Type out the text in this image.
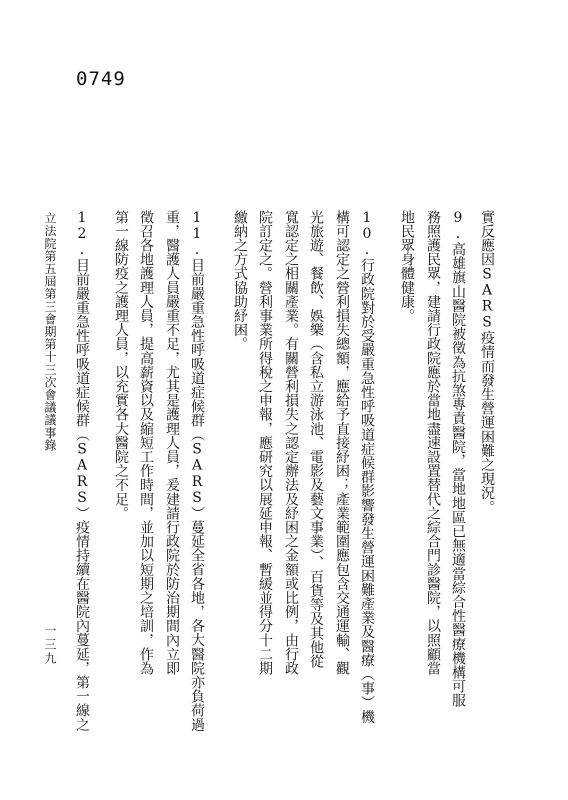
0749
實反應因SARS疫情而發生營運困難之現況。
9.高雄旗山醫院被徵為抗煞專責醫院，當地地區已無適當綜合性醫療機構可服
務照護民眾，建請行政院應於當地盡速設置替代之綜合門診醫院，以照顧當
地民眾身體健康。
10.行政院對於受嚴重急性呼吸道症候群影響發生營運困難產業及醫療（事）機
構可認定之營利損失總額，應給予直接紓困；產業範圍應包含交通運輸、觀
光旅遊、餐飲、娛樂（含私立游泳池、電影及藝文事業）、百貨等及其他從
寬認定之相關產業。有關營利損失之認定辦法及紓困之金額或比例，由行政
院訂定之。營利事業所得稅之申報，應研究以展延申報、暫緩並得分十二期
繳納之方式協助紓困。
11.目前嚴重急性呼吸道症候群（SARS）蔓延全省各地，各大醫院亦負荷過
重，醫護人員嚴重不足，尤其是護理人員，爰建請行政院於防治期間內立即
徵召各地護理人員，提高薪資以及縮短工作時間，並加以短期之培訓，作為
第一線防疫之護理人員，以充實各大醫院之不足。
12.目前嚴重急性呼吸道症候群（SARS）疫情持續在醫院內蔓延，第一線之
立法院第五屆第三會期第十三次會議議事錄
一三九
